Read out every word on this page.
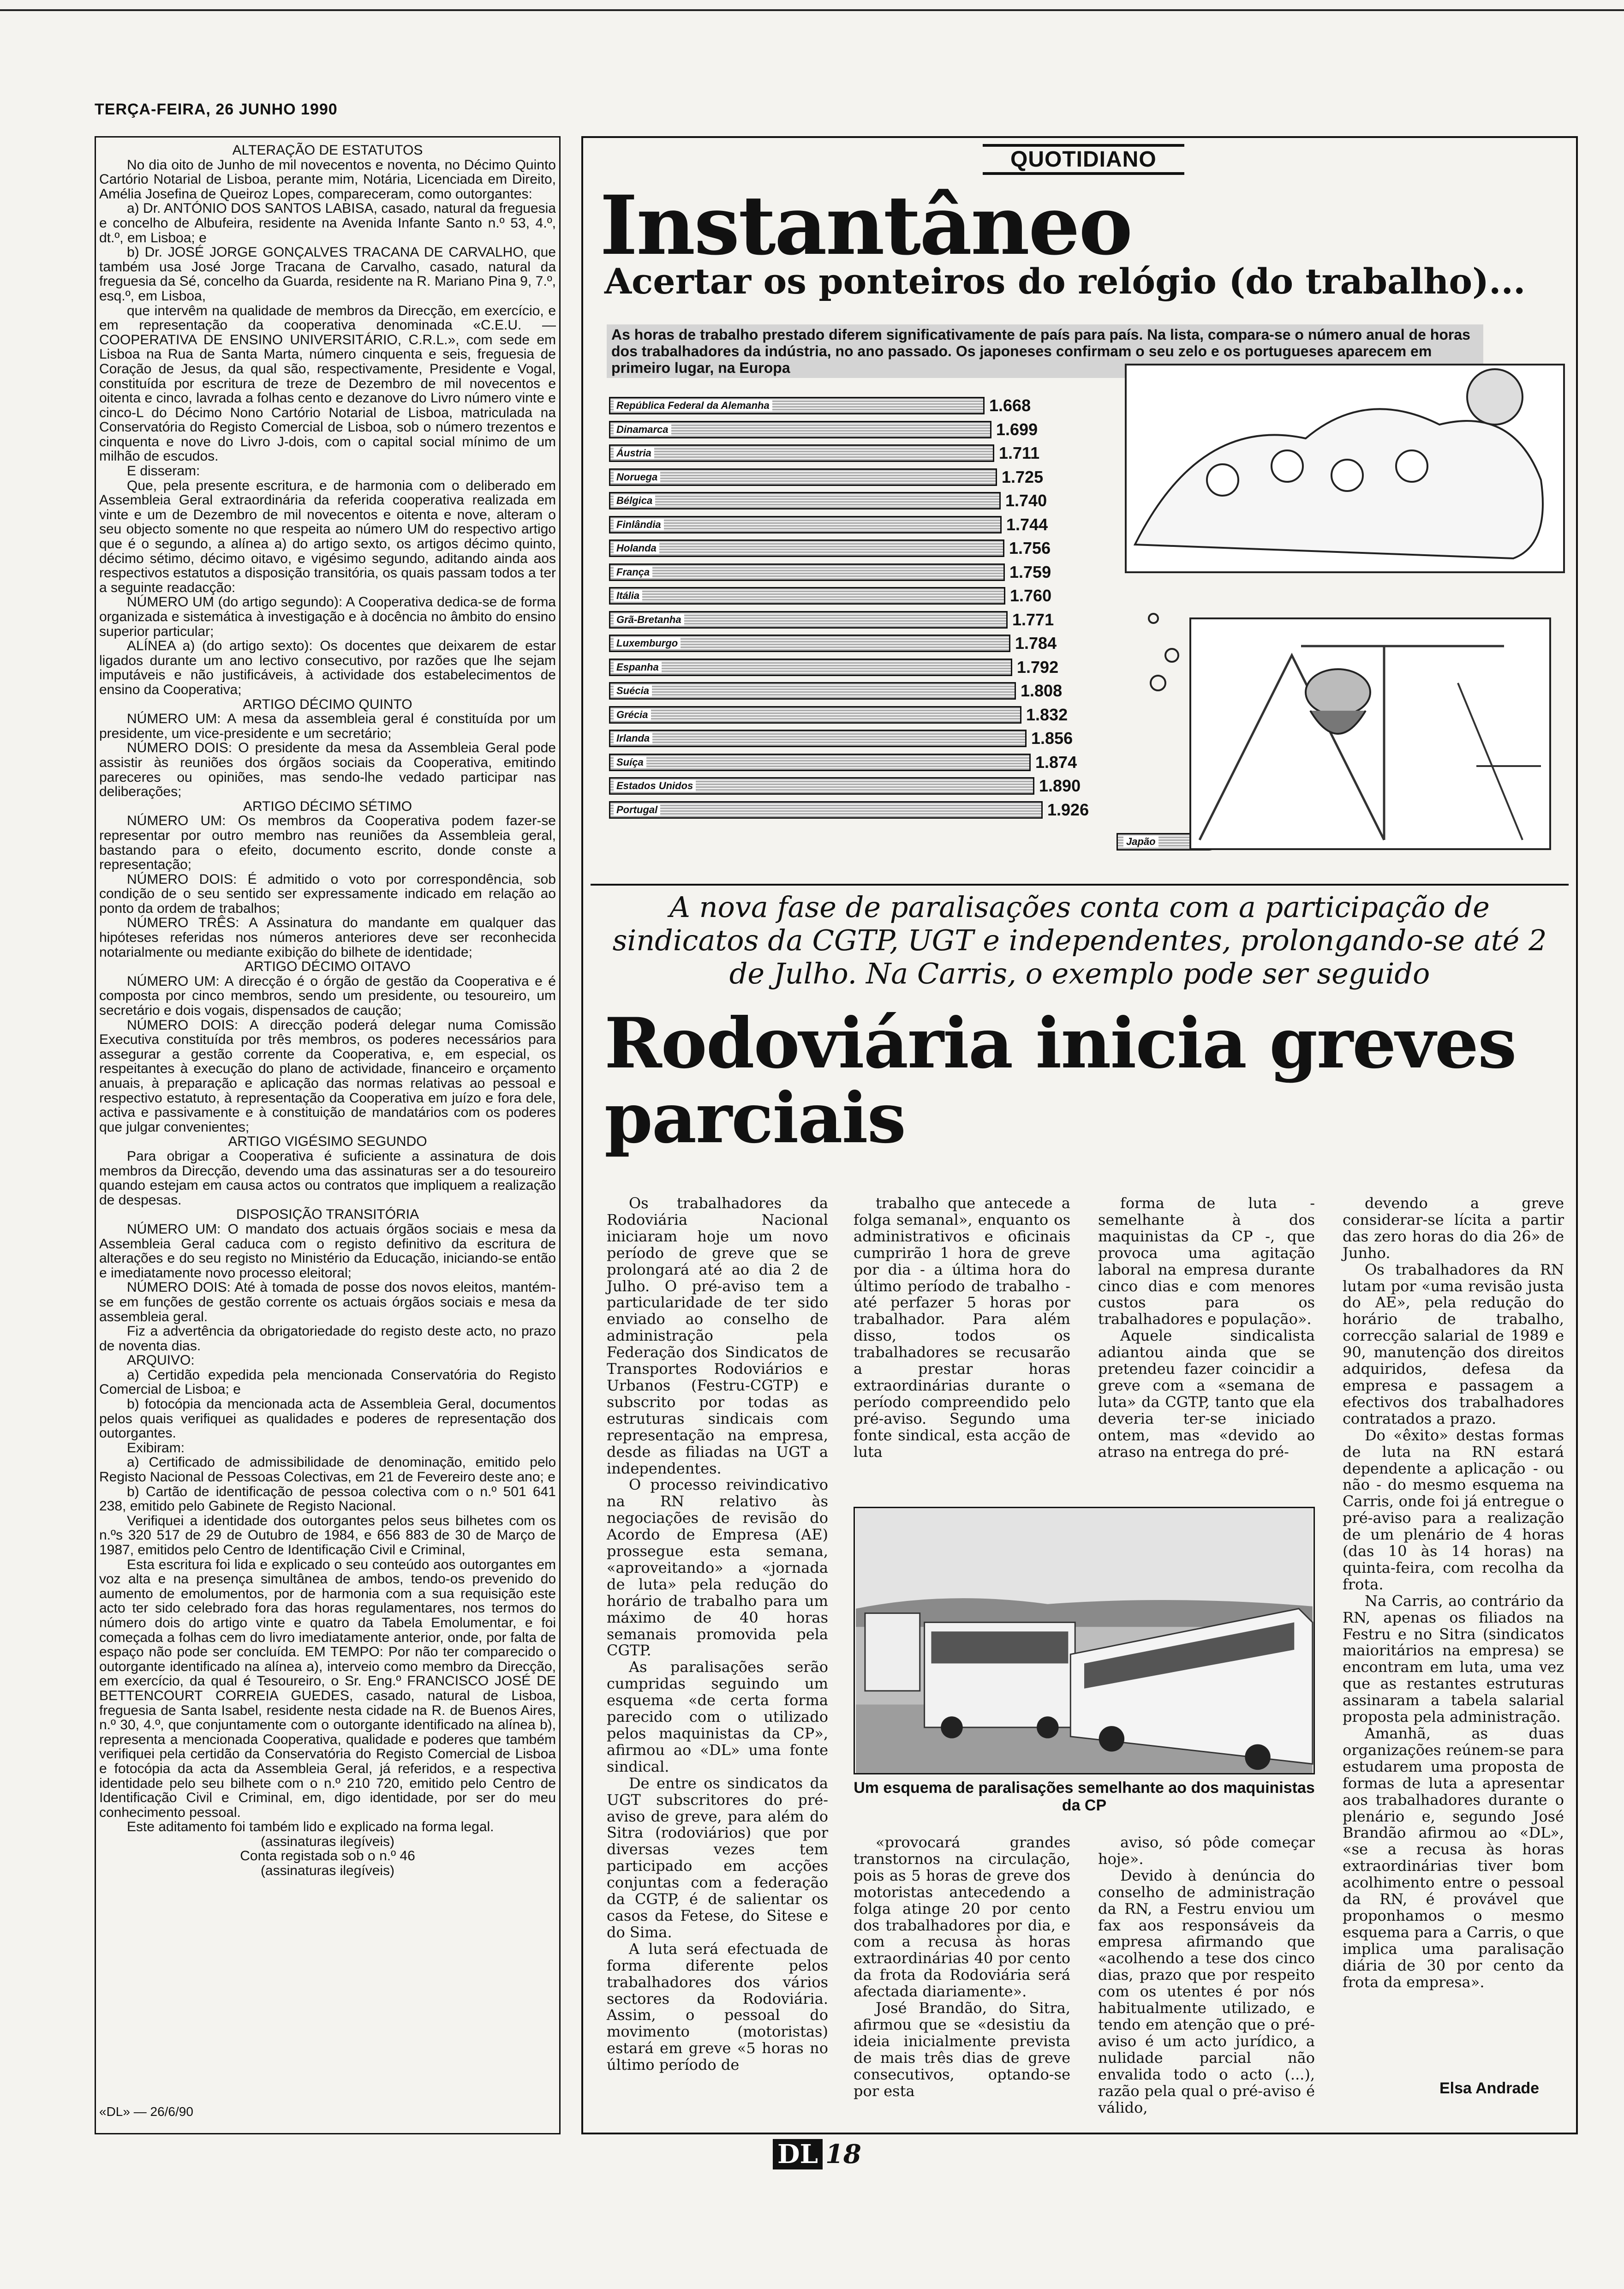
TERÇA-FEIRA, 26 JUNHO 1990

ALTERAÇÃO DE ESTATUTOS

No dia oito de Junho de mil novecentos e noventa, no Décimo Quinto Cartório Notarial de Lisboa, perante mim, Notária, Licenciada em Direito, Amélia Josefina de Queiroz Lopes, compareceram, como outorgantes:

a) Dr. ANTÓNIO DOS SANTOS LABISA, casado, natural da freguesia e concelho de Albufeira, residente na Avenida Infante Santo n.º 53, 4.º, dt.º, em Lisboa; e

b) Dr. JOSÉ JORGE GONÇALVES TRACANA DE CARVALHO, que também usa José Jorge Tracana de Carvalho, casado, natural da freguesia da Sé, concelho da Guarda, residente na R. Mariano Pina 9, 7.º, esq.º, em Lisboa,

que intervêm na qualidade de membros da Direcção, em exercício, e em representação da cooperativa denominada «C.E.U. — COOPERATIVA DE ENSINO UNIVERSITÁRIO, C.R.L.», com sede em Lisboa na Rua de Santa Marta, número cinquenta e seis, freguesia de Coração de Jesus, da qual são, respectivamente, Presidente e Vogal, constituída por escritura de treze de Dezembro de mil novecentos e oitenta e cinco, lavrada a folhas cento e dezanove do Livro número vinte e cinco-L do Décimo Nono Cartório Notarial de Lisboa, matriculada na Conservatória do Registo Comercial de Lisboa, sob o número trezentos e cinquenta e nove do Livro J-dois, com o capital social mínimo de um milhão de escudos.

E disseram:

Que, pela presente escritura, e de harmonia com o deliberado em Assembleia Geral extraordinária da referida cooperativa realizada em vinte e um de Dezembro de mil novecentos e oitenta e nove, alteram o seu objecto somente no que respeita ao número UM do respectivo artigo que é o segundo, a alínea a) do artigo sexto, os artigos décimo quinto, décimo sétimo, décimo oitavo, e vigésimo segundo, aditando ainda aos respectivos estatutos a disposição transitória, os quais passam todos a ter a seguinte readacção:

NÚMERO UM (do artigo segundo): A Cooperativa dedica-se de forma organizada e sistemática à investigação e à docência no âmbito do ensino superior particular;

ALÍNEA a) (do artigo sexto): Os docentes que deixarem de estar ligados durante um ano lectivo consecutivo, por razões que lhe sejam imputáveis e não justificáveis, à actividade dos estabelecimentos de ensino da Cooperativa;

ARTIGO DÉCIMO QUINTO

NÚMERO UM: A mesa da assembleia geral é constituída por um presidente, um vice-presidente e um secretário;

NÚMERO DOIS: O presidente da mesa da Assembleia Geral pode assistir às reuniões dos órgãos sociais da Cooperativa, emitindo pareceres ou opiniões, mas sendo-lhe vedado participar nas deliberações;

ARTIGO DÉCIMO SÉTIMO

NÚMERO UM: Os membros da Cooperativa podem fazer-se representar por outro membro nas reuniões da Assembleia geral, bastando para o efeito, documento escrito, donde conste a representação;

NÚMERO DOIS: É admitido o voto por correspondência, sob condição de o seu sentido ser expressamente indicado em relação ao ponto da ordem de trabalhos;

NÚMERO TRÊS: A Assinatura do mandante em qualquer das hipóteses referidas nos números anteriores deve ser reconhecida notarialmente ou mediante exibição do bilhete de identidade;

ARTIGO DÉCIMO OITAVO

NÚMERO UM: A direcção é o órgão de gestão da Cooperativa e é composta por cinco membros, sendo um presidente, ou tesoureiro, um secretário e dois vogais, dispensados de caução;

NÚMERO DOIS: A direcção poderá delegar numa Comissão Executiva constituída por três membros, os poderes necessários para assegurar a gestão corrente da Cooperativa, e, em especial, os respeitantes à execução do plano de actividade, financeiro e orçamento anuais, à preparação e aplicação das normas relativas ao pessoal e respectivo estatuto, à representação da Cooperativa em juízo e fora dele, activa e passivamente e à constituição de mandatários com os poderes que julgar convenientes;

ARTIGO VIGÉSIMO SEGUNDO

Para obrigar a Cooperativa é suficiente a assinatura de dois membros da Direcção, devendo uma das assinaturas ser a do tesoureiro quando estejam em causa actos ou contratos que impliquem a realização de despesas.

DISPOSIÇÃO TRANSITÓRIA

NÚMERO UM: O mandato dos actuais órgãos sociais e mesa da Assembleia Geral caduca com o registo definitivo da escritura de alterações e do seu registo no Ministério da Educação, iniciando-se então e imediatamente novo processo eleitoral;

NÚMERO DOIS: Até à tomada de posse dos novos eleitos, mantém-se em funções de gestão corrente os actuais órgãos sociais e mesa da assembleia geral.

Fiz a advertência da obrigatoriedade do registo deste acto, no prazo de noventa dias.

ARQUIVO:

a) Certidão expedida pela mencionada Conservatória do Registo Comercial de Lisboa; e

b) fotocópia da mencionada acta de Assembleia Geral, documentos pelos quais verifiquei as qualidades e poderes de representação dos outorgantes.

Exibiram:

a) Certificado de admissibilidade de denominação, emitido pelo Registo Nacional de Pessoas Colectivas, em 21 de Fevereiro deste ano; e

b) Cartão de identificação de pessoa colectiva com o n.º 501 641 238, emitido pelo Gabinete de Registo Nacional.

Verifiquei a identidade dos outorgantes pelos seus bilhetes com os n.ºs 320 517 de 29 de Outubro de 1984, e 656 883 de 30 de Março de 1987, emitidos pelo Centro de Identificação Civil e Criminal,

Esta escritura foi lida e explicado o seu conteúdo aos outorgantes em voz alta e na presença simultânea de ambos, tendo-os prevenido do aumento de emolumentos, por de harmonia com a sua requisição este acto ter sido celebrado fora das horas regulamentares, nos termos do número dois do artigo vinte e quatro da Tabela Emolumentar, e foi começada a folhas cem do livro imediatamente anterior, onde, por falta de espaço não pode ser concluída. EM TEMPO: Por não ter comparecido o outorgante identificado na alínea a), interveio como membro da Direcção, em exercício, da qual é Tesoureiro, o Sr. Eng.º FRANCISCO JOSÉ DE BETTENCOURT CORREIA GUEDES, casado, natural de Lisboa, freguesia de Santa Isabel, residente nesta cidade na R. de Buenos Aires, n.º 30, 4.º, que conjuntamente com o outorgante identificado na alínea b), representa a mencionada Cooperativa, qualidade e poderes que também verifiquei pela certidão da Conservatória do Registo Comercial de Lisboa e fotocópia da acta da Assembleia Geral, já referidos, e a respectiva identidade pelo seu bilhete com o n.º 210 720, emitido pelo Centro de Identificação Civil e Criminal, em, digo identidade, por ser do meu conhecimento pessoal.

Este aditamento foi também lido e explicado na forma legal.

(assinaturas ilegíveis)

Conta registada sob o n.º 46

(assinaturas ilegíveis)

«DL» — 26/6/90
QUOTIDIANO
Instantâneo
Acertar os ponteiros do relógio (do trabalho)...
As horas de trabalho prestado diferem significativamente de país para país. Na lista, compara-se o número anual de horas dos trabalhadores da indústria, no ano passado. Os japoneses confirmam o seu zelo e os portugueses aparecem em primeiro lugar, na Europa
República Federal da Alemanha	1.668
Dinamarca	1.699
Áustria	1.711
Noruega	1.725
Bélgica	1.740
Finlândia	1.744
Holanda	1.756
França	1.759
Itália	1.760
Grã-Bretanha	1.771
Luxemburgo	1.784
Espanha	1.792
Suécia	1.808
Grécia	1.832
Irlanda	1.856
Suíça	1.874
Estados Unidos	1.890
Portugal	1.926
Japão
A nova fase de paralisações conta com a participação de sindicatos da CGTP, UGT e independentes, prolongando-se até 2 de Julho. Na Carris, o exemplo pode ser seguido
Rodoviária inicia greves parciais

Os trabalhadores da Rodoviária Nacional iniciaram hoje um novo período de greve que se prolongará até ao dia 2 de Julho. O pré-aviso tem a particularidade de ter sido enviado ao conselho de administração pela Federação dos Sindicatos de Transportes Rodoviários e Urbanos (Festru-CGTP) e subscrito por todas as estruturas sindicais com representação na empresa, desde as filiadas na UGT a independentes.

O processo reivindicativo na RN relativo às negociações de revisão do Acordo de Empresa (AE) prossegue esta semana, «aproveitando» a «jornada de luta» pela redução do horário de trabalho para um máximo de 40 horas semanais promovida pela CGTP.

As paralisações serão cumpridas seguindo um esquema «de certa forma parecido com o utilizado pelos maquinistas da CP», afirmou ao «DL» uma fonte sindical.

De entre os sindicatos da UGT subscritores do pré-aviso de greve, para além do Sitra (rodoviários) que por diversas vezes tem participado em acções conjuntas com a federação da CGTP, é de salientar os casos da Fetese, do Sitese e do Sima.

A luta será efectuada de forma diferente pelos trabalhadores dos vários sectores da Rodoviária. Assim, o pessoal do movimento (motoristas) estará em greve «5 horas no último período de

trabalho que antecede a folga semanal», enquanto os administrativos e oficinais cumprirão 1 hora de greve por dia - a última hora do último período de trabalho - até perfazer 5 horas por trabalhador. Para além disso, todos os trabalhadores se recusarão a prestar horas extraordinárias durante o período compreendido pelo pré-aviso. Segundo uma fonte sindical, esta acção de luta

forma de luta - semelhante à dos maquinistas da CP -, que provoca uma agitação laboral na empresa durante cinco dias e com menores custos para os trabalhadores e população».

Aquele sindicalista adiantou ainda que se pretendeu fazer coincidir a greve com a «semana de luta» da CGTP, tanto que ela deveria ter-se iniciado ontem, mas «devido ao atraso na entrega do pré-

«provocará grandes transtornos na circulação, pois as 5 horas de greve dos motoristas antecedendo a folga atinge 20 por cento dos trabalhadores por dia, e com a recusa às horas extraordinárias 40 por cento da frota da Rodoviária será afectada diariamente».

José Brandão, do Sitra, afirmou que se «desistiu da ideia inicialmente prevista de mais três dias de greve consecutivos, optando-se por esta

aviso, só pôde começar hoje».

Devido à denúncia do conselho de administração da RN, a Festru enviou um fax aos responsáveis da empresa afirmando que «acolhendo a tese dos cinco dias, prazo que por respeito com os utentes é por nós habitualmente utilizado, e tendo em atenção que o pré-aviso é um acto jurídico, a nulidade parcial não envalida todo o acto (...), razão pela qual o pré-aviso é válido,

devendo a greve considerar-se lícita a partir das zero horas do dia 26» de Junho.

Os trabalhadores da RN lutam por «uma revisão justa do AE», pela redução do horário de trabalho, correcção salarial de 1989 e 90, manutenção dos direitos adquiridos, defesa da empresa e passagem a efectivos dos trabalhadores contratados a prazo.

Do «êxito» destas formas de luta na RN estará dependente a aplicação - ou não - do mesmo esquema na Carris, onde foi já entregue o pré-aviso para a realização de um plenário de 4 horas (das 10 às 14 horas) na quinta-feira, com recolha da frota.

Na Carris, ao contrário da RN, apenas os filiados na Festru e no Sitra (sindicatos maioritários na empresa) se encontram em luta, uma vez que as restantes estruturas assinaram a tabela salarial proposta pela administração.

Amanhã, as duas organizações reúnem-se para estudarem uma proposta de formas de luta a apresentar aos trabalhadores durante o plenário e, segundo José Brandão afirmou ao «DL», «se a recusa às horas extraordinárias tiver bom acolhimento entre o pessoal da RN, é provável que proponhamos o mesmo esquema para a Carris, o que implica uma paralisação diária de 30 por cento da frota da empresa».

Um esquema de paralisações semelhante ao dos maquinistas da CP
Elsa Andrade
DL 18
